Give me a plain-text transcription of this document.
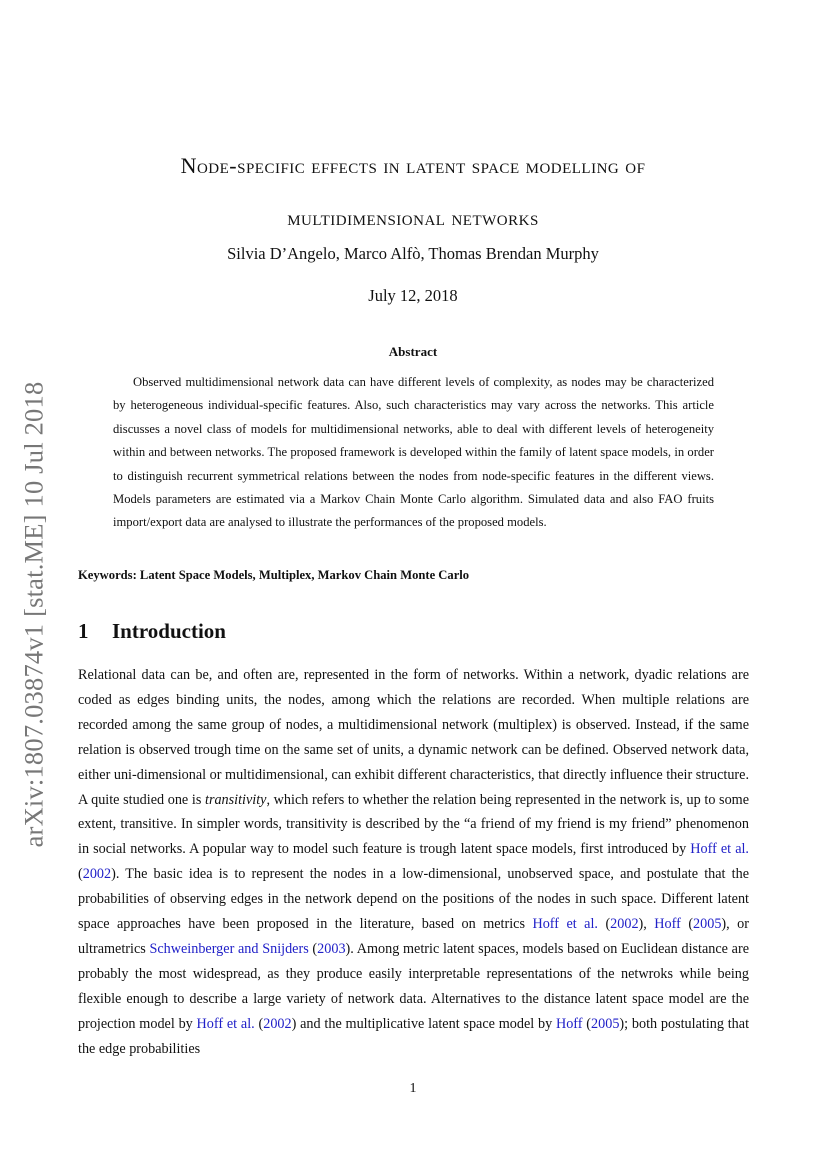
arXiv:1807.03874v1 [stat.ME] 10 Jul 2018
Node-specific effects in latent space modelling of
multidimensional networks
Silvia D’Angelo, Marco Alfò, Thomas Brendan Murphy
July 12, 2018
Abstract

Observed multidimensional network data can have different levels of complexity, as nodes may be characterized by heterogeneous individual-specific features. Also, such characteristics may vary across the networks. This article discusses a novel class of models for multidimensional networks, able to deal with different levels of heterogeneity within and between networks. The proposed framework is developed within the family of latent space models, in order to distinguish recurrent symmetrical relations between the nodes from node-specific features in the different views. Models parameters are estimated via a Markov Chain Monte Carlo algorithm. Simulated data and also FAO fruits import/export data are analysed to illustrate the performances of the proposed models.

Keywords: Latent Space Models, Multiplex, Markov Chain Monte Carlo
1 Introduction

Relational data can be, and often are, represented in the form of networks. Within a network, dyadic relations are coded as edges binding units, the nodes, among which the relations are recorded. When multiple relations are recorded among the same group of nodes, a multidimensional network (multiplex) is observed. Instead, if the same relation is observed trough time on the same set of units, a dynamic network can be defined. Observed network data, either uni-dimensional or multidimensional, can exhibit different characteristics, that directly influence their structure. A quite studied one is transitivity, which refers to whether the relation being represented in the network is, up to some extent, transitive. In simpler words, transitivity is described by the “a friend of my friend is my friend” phenomenon in social networks. A popular way to model such feature is trough latent space models, first introduced by Hoff et al. (2002). The basic idea is to represent the nodes in a low-dimensional, unobserved space, and postulate that the probabilities of observing edges in the network depend on the positions of the nodes in such space. Different latent space approaches have been proposed in the literature, based on metrics Hoff et al. (2002), Hoff (2005), or ultrametrics Schweinberger and Snijders (2003). Among metric latent spaces, models based on Euclidean distance are probably the most widespread, as they produce easily interpretable representations of the netwroks while being flexible enough to describe a large variety of network data. Alternatives to the distance latent space model are the projection model by Hoff et al. (2002) and the multiplicative latent space model by Hoff (2005); both postulating that the edge probabilities

1
